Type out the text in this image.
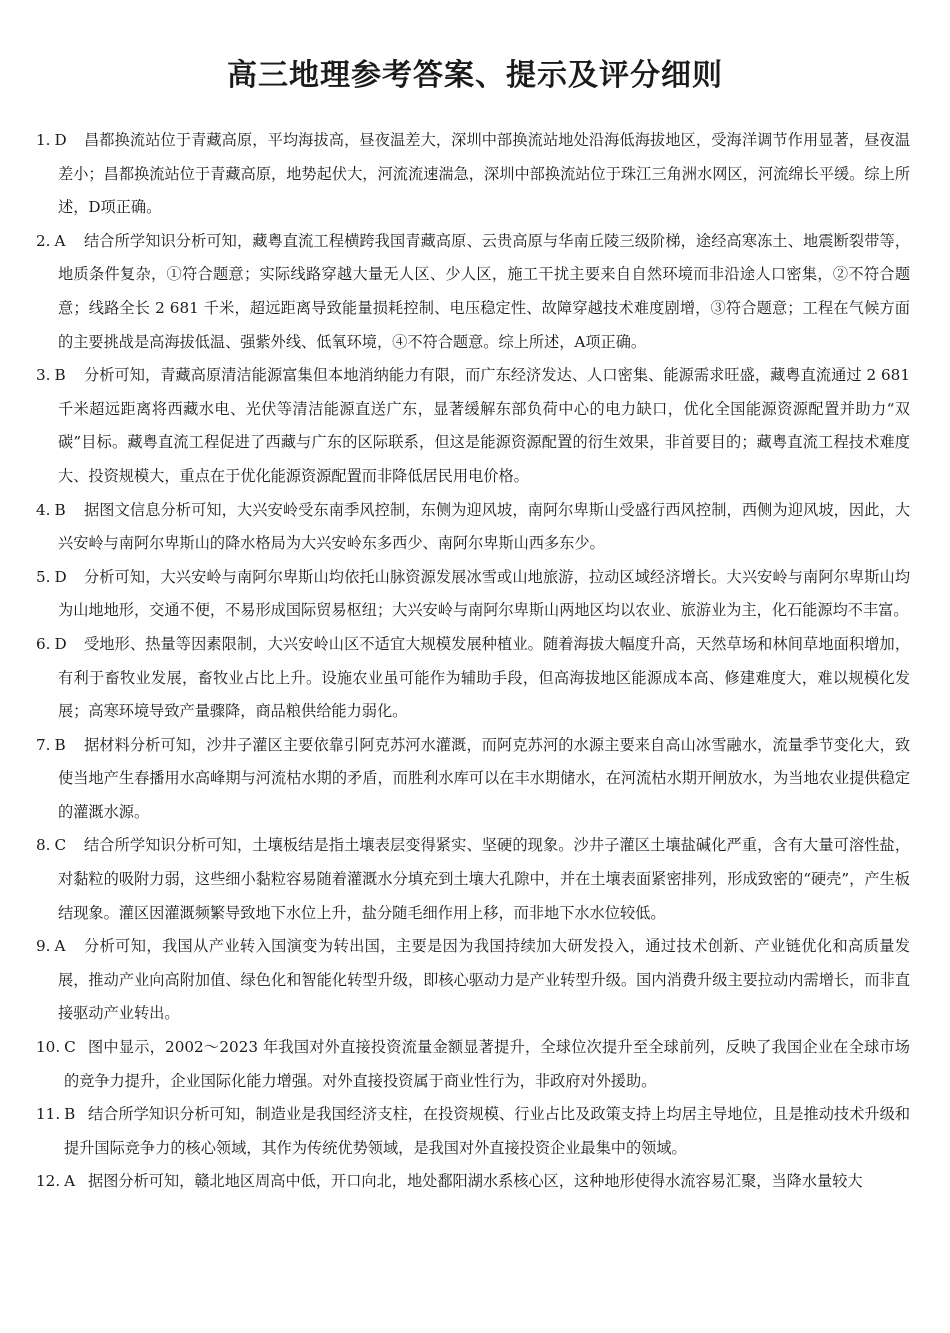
高三地理参考答案、提示及评分细则
1. D	昌都换流站位于青藏高原，平均海拔高，昼夜温差大，深圳中部换流站地处沿海低海拔地区，受海洋调节作用显著，昼夜温差小；昌都换流站位于青藏高原，地势起伏大，河流流速湍急，深圳中部换流站位于珠江三角洲水网区，河流绵长平缓。综上所述，D项正确。
2. A	结合所学知识分析可知，藏粤直流工程横跨我国青藏高原、云贵高原与华南丘陵三级阶梯，途经高寒冻土、地震断裂带等，地质条件复杂，①符合题意；实际线路穿越大量无人区、少人区，施工干扰主要来自自然环境而非沿途人口密集，②不符合题意；线路全长 2 681 千米，超远距离导致能量损耗控制、电压稳定性、故障穿越技术难度剧增，③符合题意；工程在气候方面的主要挑战是高海拔低温、强紫外线、低氧环境，④不符合题意。综上所述，A项正确。
3. B	分析可知，青藏高原清洁能源富集但本地消纳能力有限，而广东经济发达、人口密集、能源需求旺盛，藏粤直流通过 2 681 千米超远距离将西藏水电、光伏等清洁能源直送广东，显著缓解东部负荷中心的电力缺口，优化全国能源资源配置并助力“双碳”目标。藏粤直流工程促进了西藏与广东的区际联系，但这是能源资源配置的衍生效果，非首要目的；藏粤直流工程技术难度大、投资规模大，重点在于优化能源资源配置而非降低居民用电价格。
4. B	据图文信息分析可知，大兴安岭受东南季风控制，东侧为迎风坡，南阿尔卑斯山受盛行西风控制，西侧为迎风坡，因此，大兴安岭与南阿尔卑斯山的降水格局为大兴安岭东多西少、南阿尔卑斯山西多东少。
5. D	分析可知，大兴安岭与南阿尔卑斯山均依托山脉资源发展冰雪或山地旅游，拉动区域经济增长。大兴安岭与南阿尔卑斯山均为山地地形，交通不便，不易形成国际贸易枢纽；大兴安岭与南阿尔卑斯山两地区均以农业、旅游业为主，化石能源均不丰富。
6. D	受地形、热量等因素限制，大兴安岭山区不适宜大规模发展种植业。随着海拔大幅度升高，天然草场和林间草地面积增加，有利于畜牧业发展，畜牧业占比上升。设施农业虽可能作为辅助手段，但高海拔地区能源成本高、修建难度大，难以规模化发展；高寒环境导致产量骤降，商品粮供给能力弱化。
7. B	据材料分析可知，沙井子灌区主要依靠引阿克苏河水灌溉，而阿克苏河的水源主要来自高山冰雪融水，流量季节变化大，致使当地产生春播用水高峰期与河流枯水期的矛盾，而胜利水库可以在丰水期储水，在河流枯水期开闸放水，为当地农业提供稳定的灌溉水源。
8. C	结合所学知识分析可知，土壤板结是指土壤表层变得紧实、坚硬的现象。沙井子灌区土壤盐碱化严重，含有大量可溶性盐，对黏粒的吸附力弱，这些细小黏粒容易随着灌溉水分填充到土壤大孔隙中，并在土壤表面紧密排列，形成致密的“硬壳”，产生板结现象。灌区因灌溉频繁导致地下水位上升，盐分随毛细作用上移，而非地下水水位较低。
9. A	分析可知，我国从产业转入国演变为转出国，主要是因为我国持续加大研发投入，通过技术创新、产业链优化和高质量发展，推动产业向高附加值、绿色化和智能化转型升级，即核心驱动力是产业转型升级。国内消费升级主要拉动内需增长，而非直接驱动产业转出。
10. C 图中显示，2002～2023 年我国对外直接投资流量金额显著提升，全球位次提升至全球前列，反映了我国企业在全球市场的竞争力提升，企业国际化能力增强。对外直接投资属于商业性行为，非政府对外援助。
11. B 结合所学知识分析可知，制造业是我国经济支柱，在投资规模、行业占比及政策支持上均居主导地位，且是推动技术升级和提升国际竞争力的核心领域，其作为传统优势领域，是我国对外直接投资企业最集中的领域。
12. A 据图分析可知，赣北地区周高中低，开口向北，地处鄱阳湖水系核心区，这种地形使得水流容易汇聚，当降水量较大
